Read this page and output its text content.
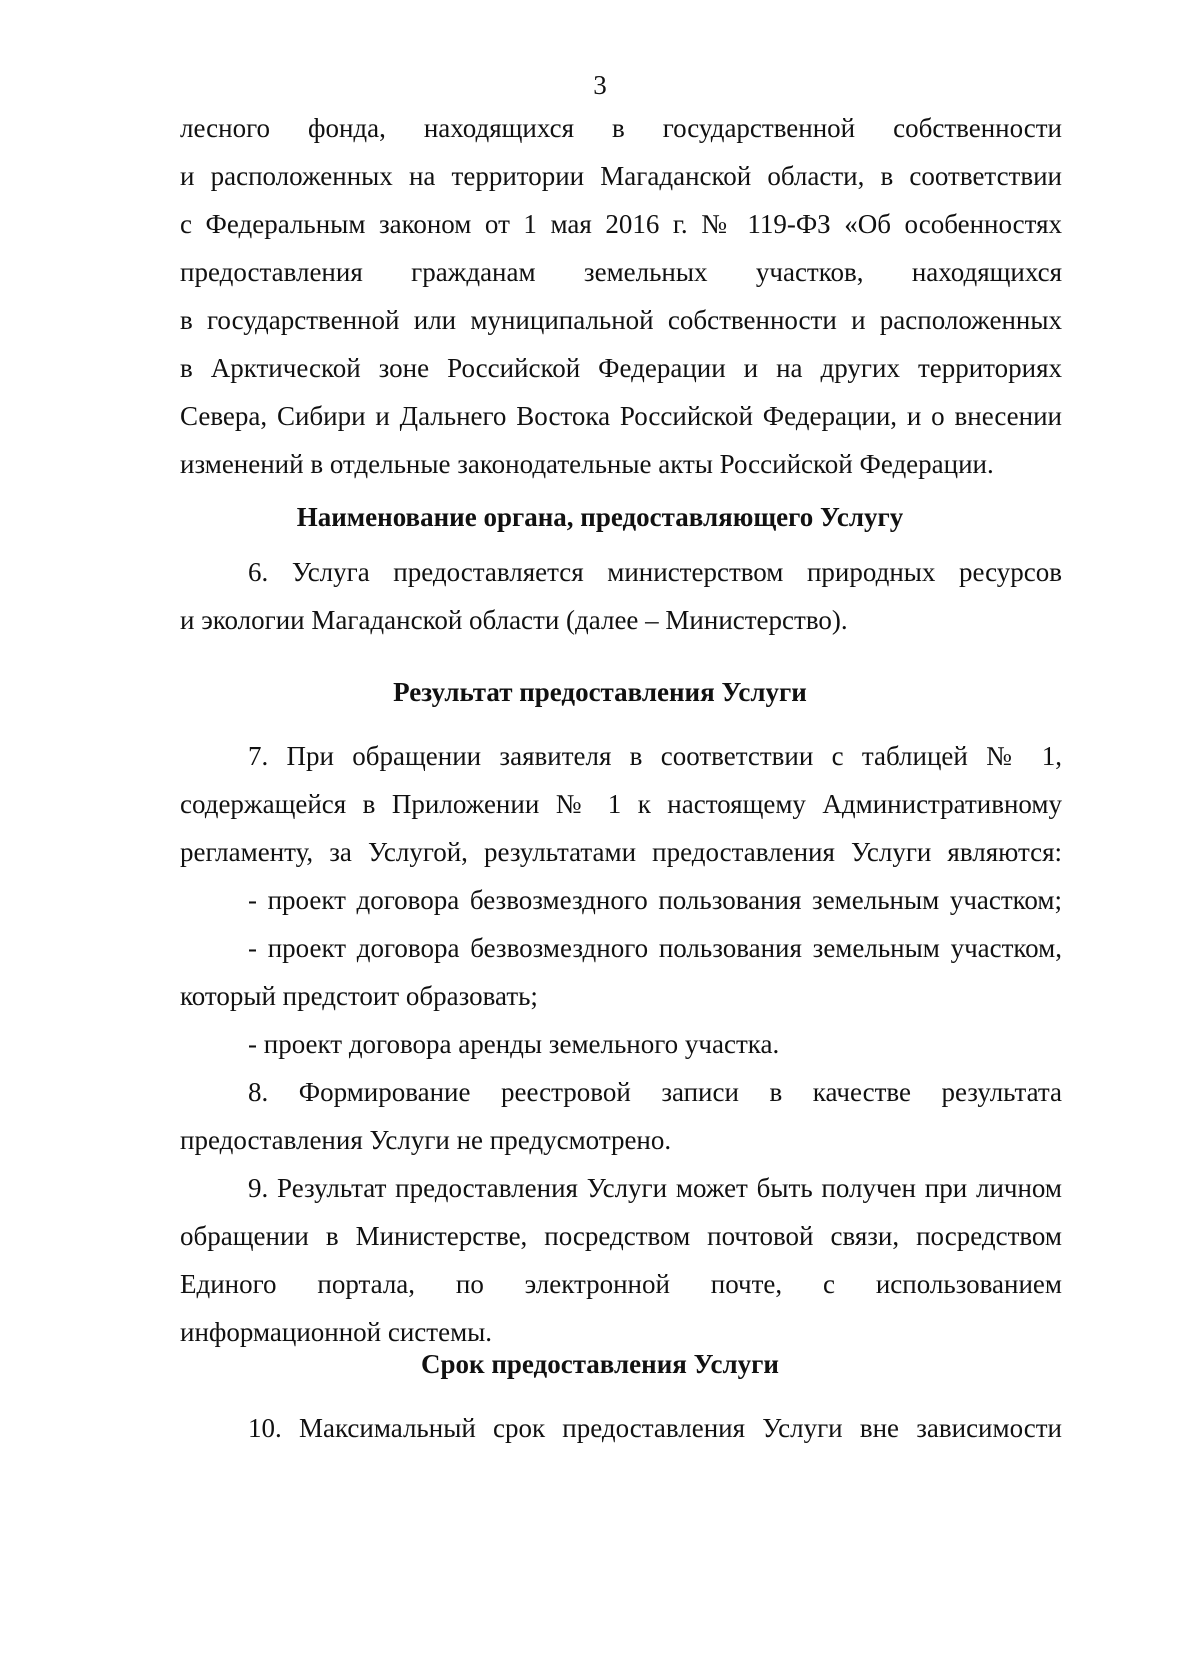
3
лесного фонда, находящихся в государственной собственности
и расположенных на территории Магаданской области, в соответствии
с Федеральным законом от 1 мая 2016 г. № 119-ФЗ «Об особенностях
предоставления гражданам земельных участков, находящихся
в государственной или муниципальной собственности и расположенных
в Арктической зоне Российской Федерации и на других территориях
Севера, Сибири и Дальнего Востока Российской Федерации, и о внесении
изменений в отдельные законодательные акты Российской Федерации.
Наименование органа, предоставляющего Услугу
6. Услуга предоставляется министерством природных ресурсов
и экологии Магаданской области (далее – Министерство).
Результат предоставления Услуги
7. При обращении заявителя в соответствии с таблицей № 1,
содержащейся в Приложении № 1 к настоящему Административному
регламенту, за Услугой, результатами предоставления Услуги являются:
- проект договора безвозмездного пользования земельным участком;
- проект договора безвозмездного пользования земельным участком,
который предстоит образовать;
- проект договора аренды земельного участка.
8. Формирование реестровой записи в качестве результата
предоставления Услуги не предусмотрено.
9. Результат предоставления Услуги может быть получен при личном
обращении в Министерстве, посредством почтовой связи, посредством
Единого портала, по электронной почте, с использованием
информационной системы.
Срок предоставления Услуги
10. Максимальный срок предоставления Услуги вне зависимости
